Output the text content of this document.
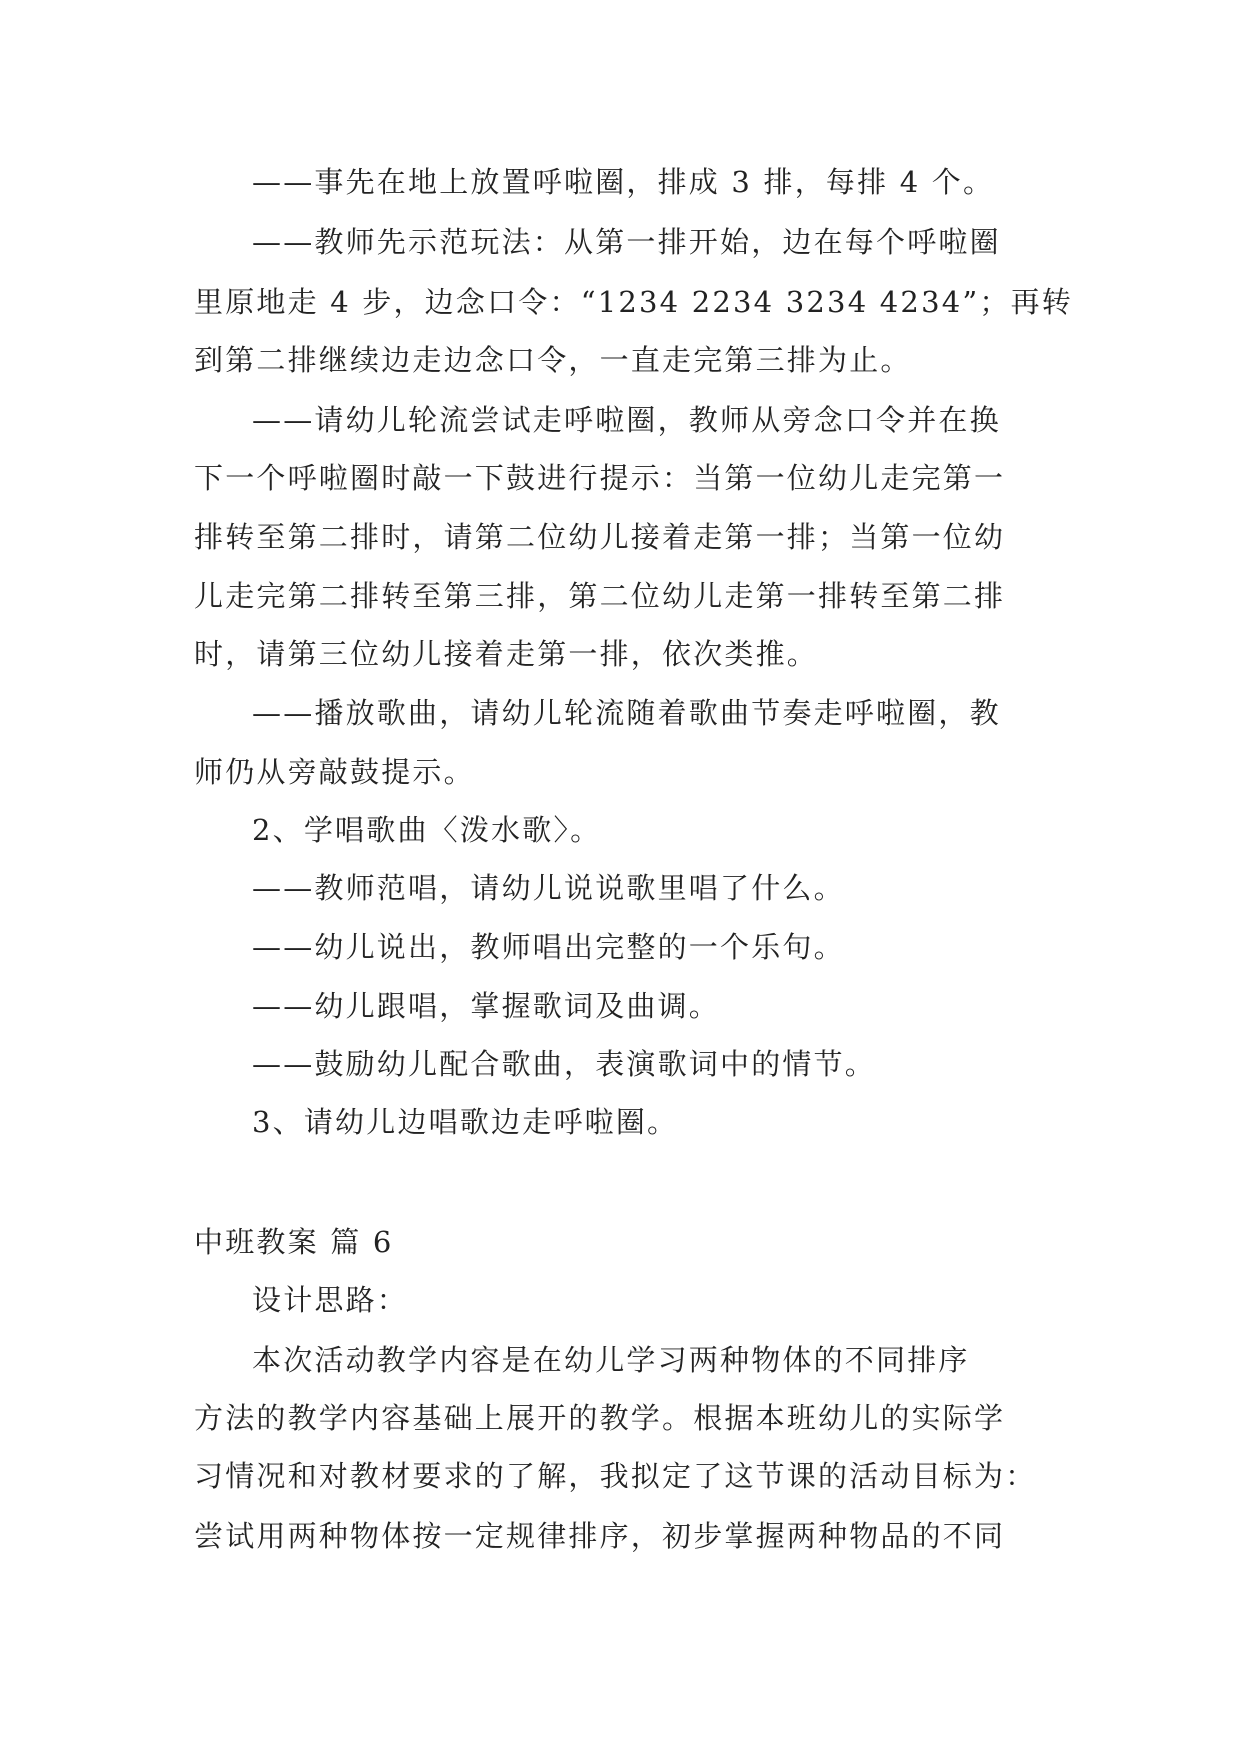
——事先在地上放置呼啦圈，排成 3 排，每排 4 个。
——教师先示范玩法：从第一排开始，边在每个呼啦圈
里原地走 4 步，边念口令：“1234 2234 3234 4234”；再转
到第二排继续边走边念口令，一直走完第三排为止。
——请幼儿轮流尝试走呼啦圈，教师从旁念口令并在换
下一个呼啦圈时敲一下鼓进行提示：当第一位幼儿走完第一
排转至第二排时，请第二位幼儿接着走第一排；当第一位幼
儿走完第二排转至第三排，第二位幼儿走第一排转至第二排
时，请第三位幼儿接着走第一排，依次类推。
——播放歌曲，请幼儿轮流随着歌曲节奏走呼啦圈，教
师仍从旁敲鼓提示。
2、学唱歌曲〈泼水歌〉。
——教师范唱，请幼儿说说歌里唱了什么。
——幼儿说出，教师唱出完整的一个乐句。
——幼儿跟唱，掌握歌词及曲调。
——鼓励幼儿配合歌曲，表演歌词中的情节。
3、请幼儿边唱歌边走呼啦圈。
中班教案 篇 6
设计思路：
本次活动教学内容是在幼儿学习两种物体的不同排序
方法的教学内容基础上展开的教学。根据本班幼儿的实际学
习情况和对教材要求的了解，我拟定了这节课的活动目标为：
尝试用两种物体按一定规律排序，初步掌握两种物品的不同
